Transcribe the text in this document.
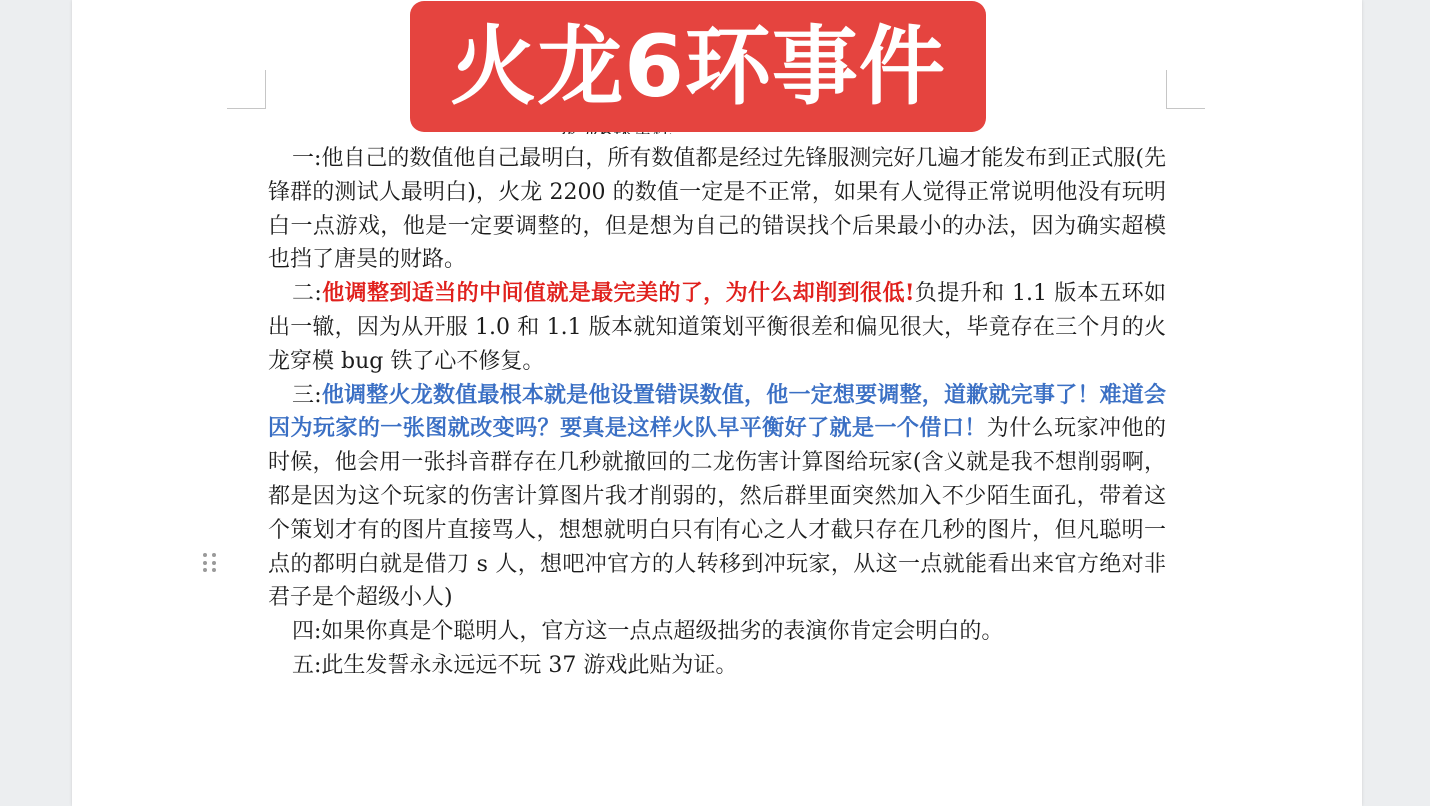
火龙6环事件

一:他自己的数值他自己最明白，所有数值都是经过先锋服测完好几遍才能发布到正式服(先锋群的测试人最明白)，火龙 2200 的数值一定是不正常，如果有人觉得正常说明他没有玩明白一点游戏，他是一定要调整的，但是想为自己的错误找个后果最小的办法，因为确实超模也挡了唐昊的财路。

二:他调整到适当的中间值就是最完美的了，为什么却削到很低!负提升和 1.1 版本五环如出一辙，因为从开服 1.0 和 1.1 版本就知道策划平衡很差和偏见很大，毕竟存在三个月的火龙穿模 bug 铁了心不修复。

三:他调整火龙数值最根本就是他设置错误数值，他一定想要调整，道歉就完事了！难道会因为玩家的一张图就改变吗？要真是这样火队早平衡好了就是一个借口！为什么玩家冲他的时候，他会用一张抖音群存在几秒就撤回的二龙伤害计算图给玩家(含义就是我不想削弱啊，都是因为这个玩家的伤害计算图片我才削弱的，然后群里面突然加入不少陌生面孔，带着这个策划才有的图片直接骂人，想想就明白只有 有心之人才截只存在几秒的图片，但凡聪明一点的都明白就是借刀 s 人，想吧冲官方的人转移到冲玩家，从这一点就能看出来官方绝对非君子是个超级小人)

四:如果你真是个聪明人，官方这一点点超级拙劣的表演你肯定会明白的。

五:此生发誓永永远远不玩 37 游戏此贴为证。
